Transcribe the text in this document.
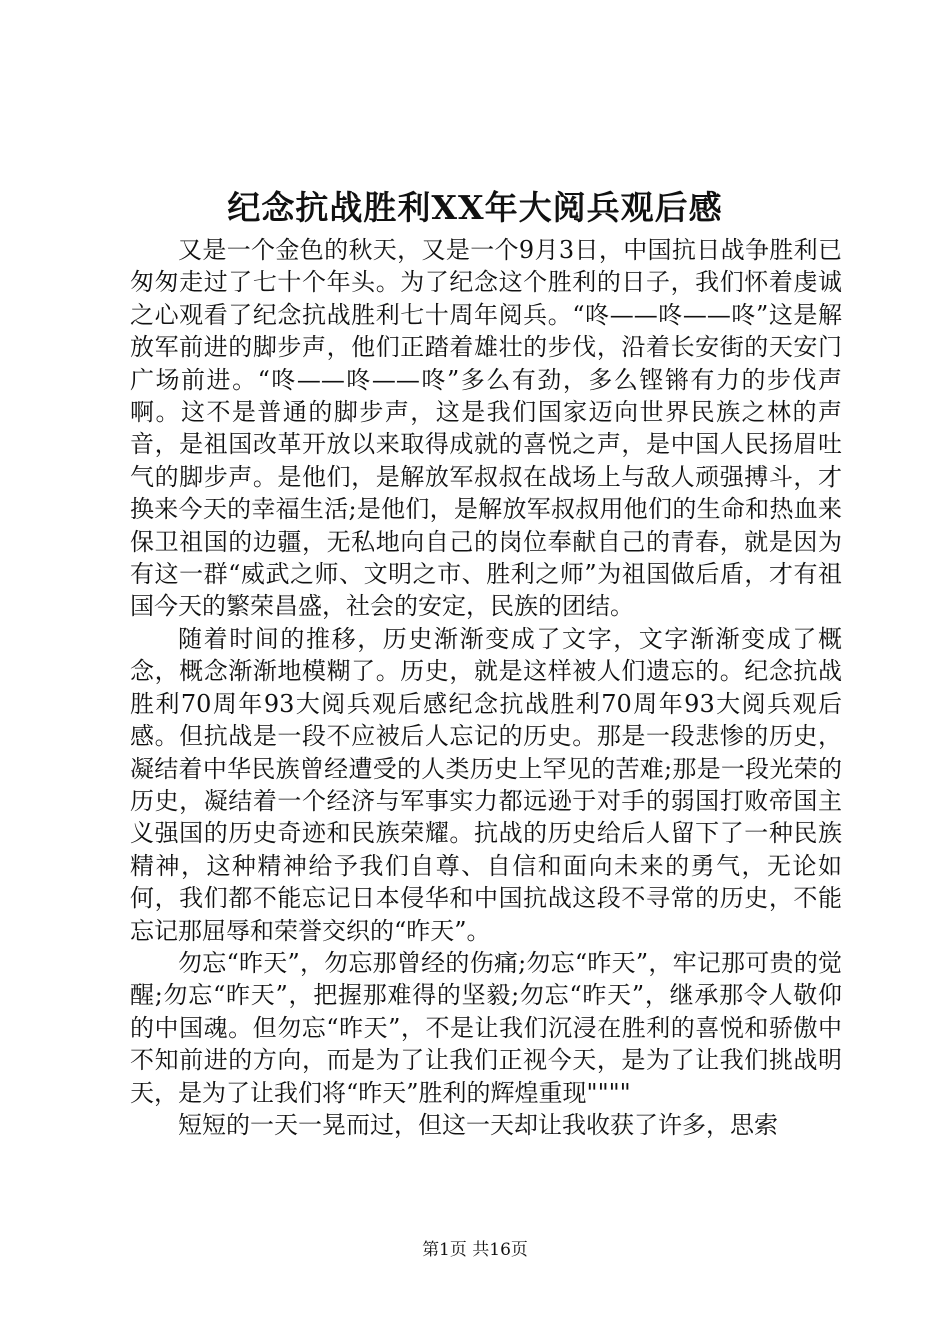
纪念抗战胜利XX年大阅兵观后感

又是一个金色的秋天，又是一个9月3日，中国抗日战争胜利已匆匆走过了七十个年头。为了纪念这个胜利的日子，我们怀着虔诚之心观看了纪念抗战胜利七十周年阅兵。“咚——咚——咚”这是解放军前进的脚步声，他们正踏着雄壮的步伐，沿着长安街的天安门广场前进。“咚——咚——咚”多么有劲，多么铿锵有力的步伐声啊。这不是普通的脚步声，这是我们国家迈向世界民族之林的声音，是祖国改革开放以来取得成就的喜悦之声，是中国人民扬眉吐气的脚步声。是他们，是解放军叔叔在战场上与敌人顽强搏斗，才换来今天的幸福生活;是他们，是解放军叔叔用他们的生命和热血来保卫祖国的边疆，无私地向自己的岗位奉献自己的青春，就是因为有这一群“威武之师、文明之市、胜利之师”为祖国做后盾，才有祖国今天的繁荣昌盛，社会的安定，民族的团结。

随着时间的推移，历史渐渐变成了文字，文字渐渐变成了概念，概念渐渐地模糊了。历史，就是这样被人们遗忘的。纪念抗战胜利70周年93大阅兵观后感纪念抗战胜利70周年93大阅兵观后感。但抗战是一段不应被后人忘记的历史。那是一段悲惨的历史，凝结着中华民族曾经遭受的人类历史上罕见的苦难;那是一段光荣的历史，凝结着一个经济与军事实力都远逊于对手的弱国打败帝国主义强国的历史奇迹和民族荣耀。抗战的历史给后人留下了一种民族精神，这种精神给予我们自尊、自信和面向未来的勇气，无论如何，我们都不能忘记日本侵华和中国抗战这段不寻常的历史，不能忘记那屈辱和荣誉交织的“昨天”。

勿忘“昨天”，勿忘那曾经的伤痛;勿忘“昨天”，牢记那可贵的觉醒;勿忘“昨天”，把握那难得的坚毅;勿忘“昨天”，继承那令人敬仰的中国魂。但勿忘“昨天”，不是让我们沉浸在胜利的喜悦和骄傲中不知前进的方向，而是为了让我们正视今天，是为了让我们挑战明天，是为了让我们将“昨天”胜利的辉煌重现""""

短短的一天一晃而过，但这一天却让我收获了许多，思索

第1页 共16页
